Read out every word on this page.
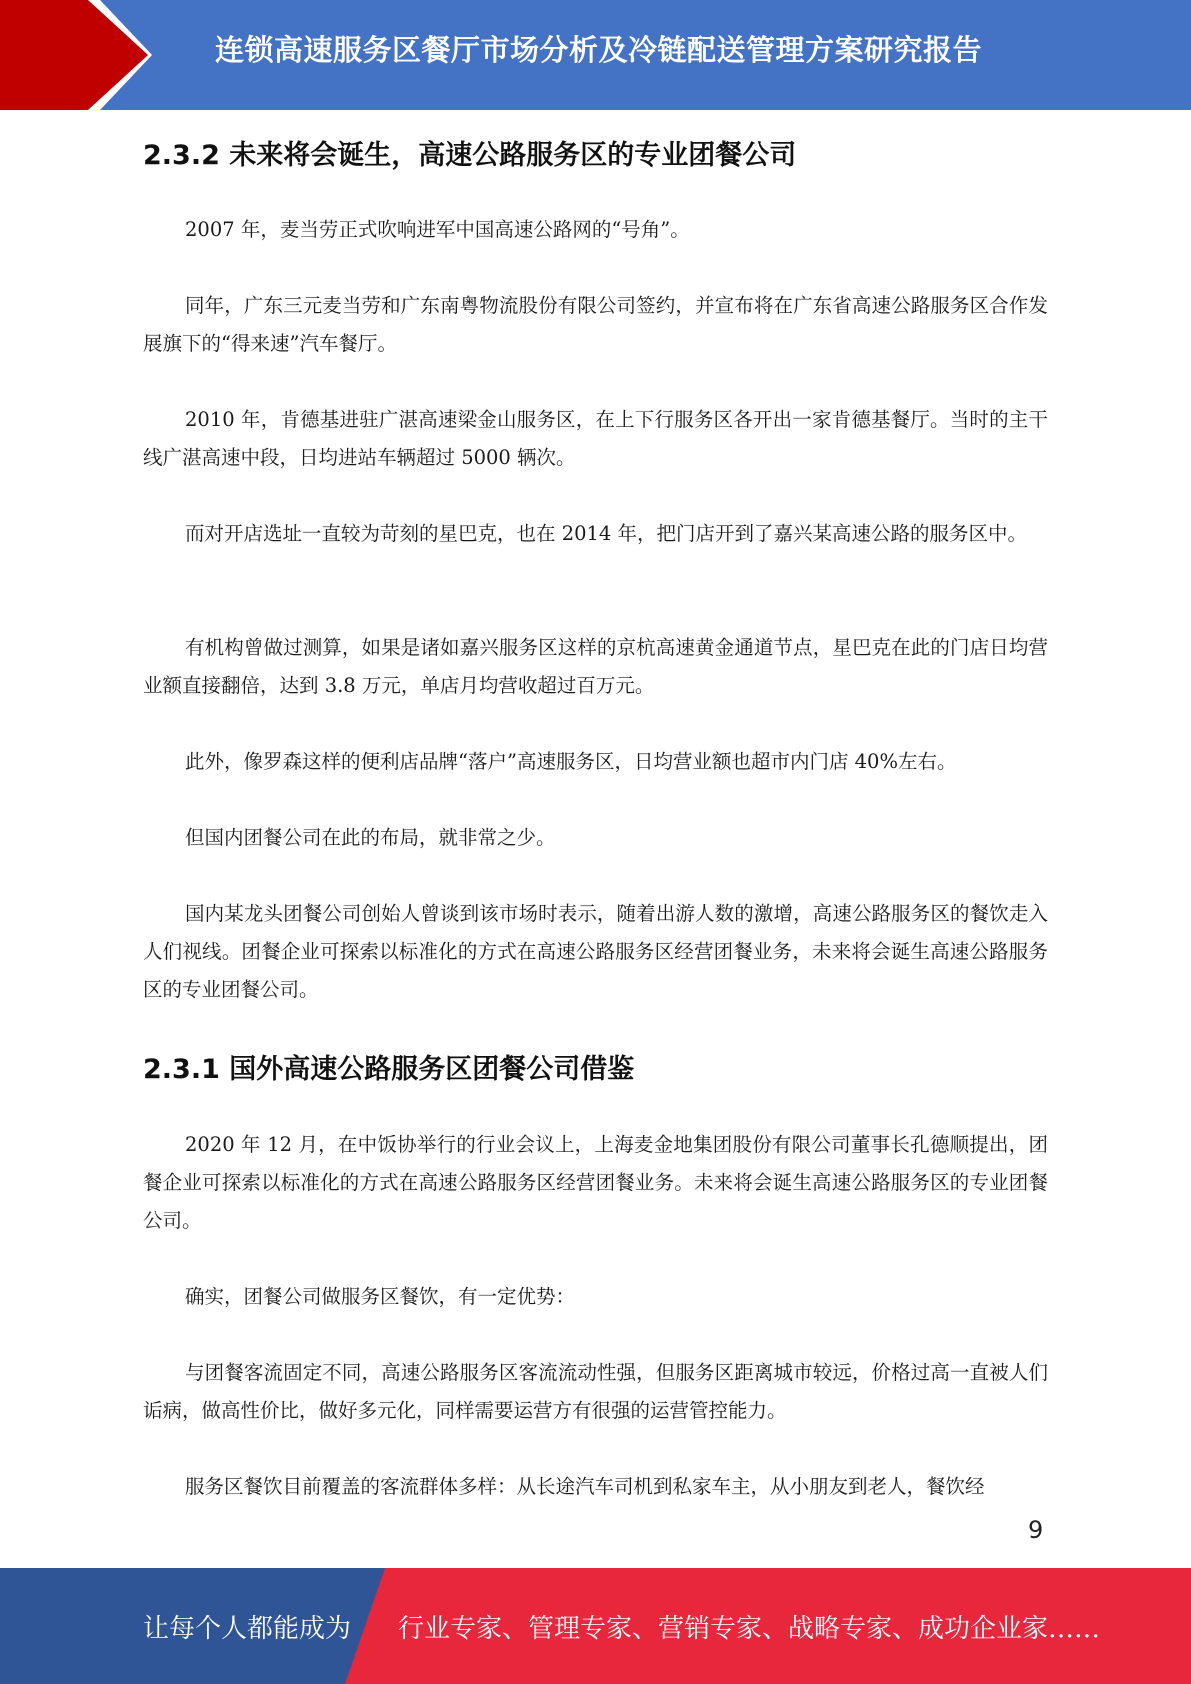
连锁高速服务区餐厅市场分析及冷链配送管理方案研究报告
2.3.2 未来将会诞生，高速公路服务区的专业团餐公司
2007 年，麦当劳正式吹响进军中国高速公路网的“号角”。
同年，广东三元麦当劳和广东南粤物流股份有限公司签约，并宣布将在广东省高速公路服务区合作发展旗下的“得来速”汽车餐厅。
2010 年，肯德基进驻广湛高速梁金山服务区，在上下行服务区各开出一家肯德基餐厅。当时的主干线广湛高速中段，日均进站车辆超过 5000 辆次。
而对开店选址一直较为苛刻的星巴克，也在 2014 年，把门店开到了嘉兴某高速公路的服务区中。
有机构曾做过测算，如果是诸如嘉兴服务区这样的京杭高速黄金通道节点，星巴克在此的门店日均营业额直接翻倍，达到 3.8 万元，单店月均营收超过百万元。
此外，像罗森这样的便利店品牌“落户”高速服务区，日均营业额也超市内门店 40%左右。
但国内团餐公司在此的布局，就非常之少。
国内某龙头团餐公司创始人曾谈到该市场时表示，随着出游人数的激增，高速公路服务区的餐饮走入人们视线。团餐企业可探索以标准化的方式在高速公路服务区经营团餐业务，未来将会诞生高速公路服务区的专业团餐公司。
2.3.1 国外高速公路服务区团餐公司借鉴
2020 年 12 月，在中饭协举行的行业会议上，上海麦金地集团股份有限公司董事长孔德顺提出，团餐企业可探索以标准化的方式在高速公路服务区经营团餐业务。未来将会诞生高速公路服务区的专业团餐公司。
确实，团餐公司做服务区餐饮，有一定优势：
与团餐客流固定不同，高速公路服务区客流流动性强，但服务区距离城市较远，价格过高一直被人们诟病，做高性价比，做好多元化，同样需要运营方有很强的运营管控能力。
服务区餐饮目前覆盖的客流群体多样：从长途汽车司机到私家车主，从小朋友到老人，餐饮经
9
让每个人都能成为 行业专家、管理专家、营销专家、战略专家、成功企业家……
